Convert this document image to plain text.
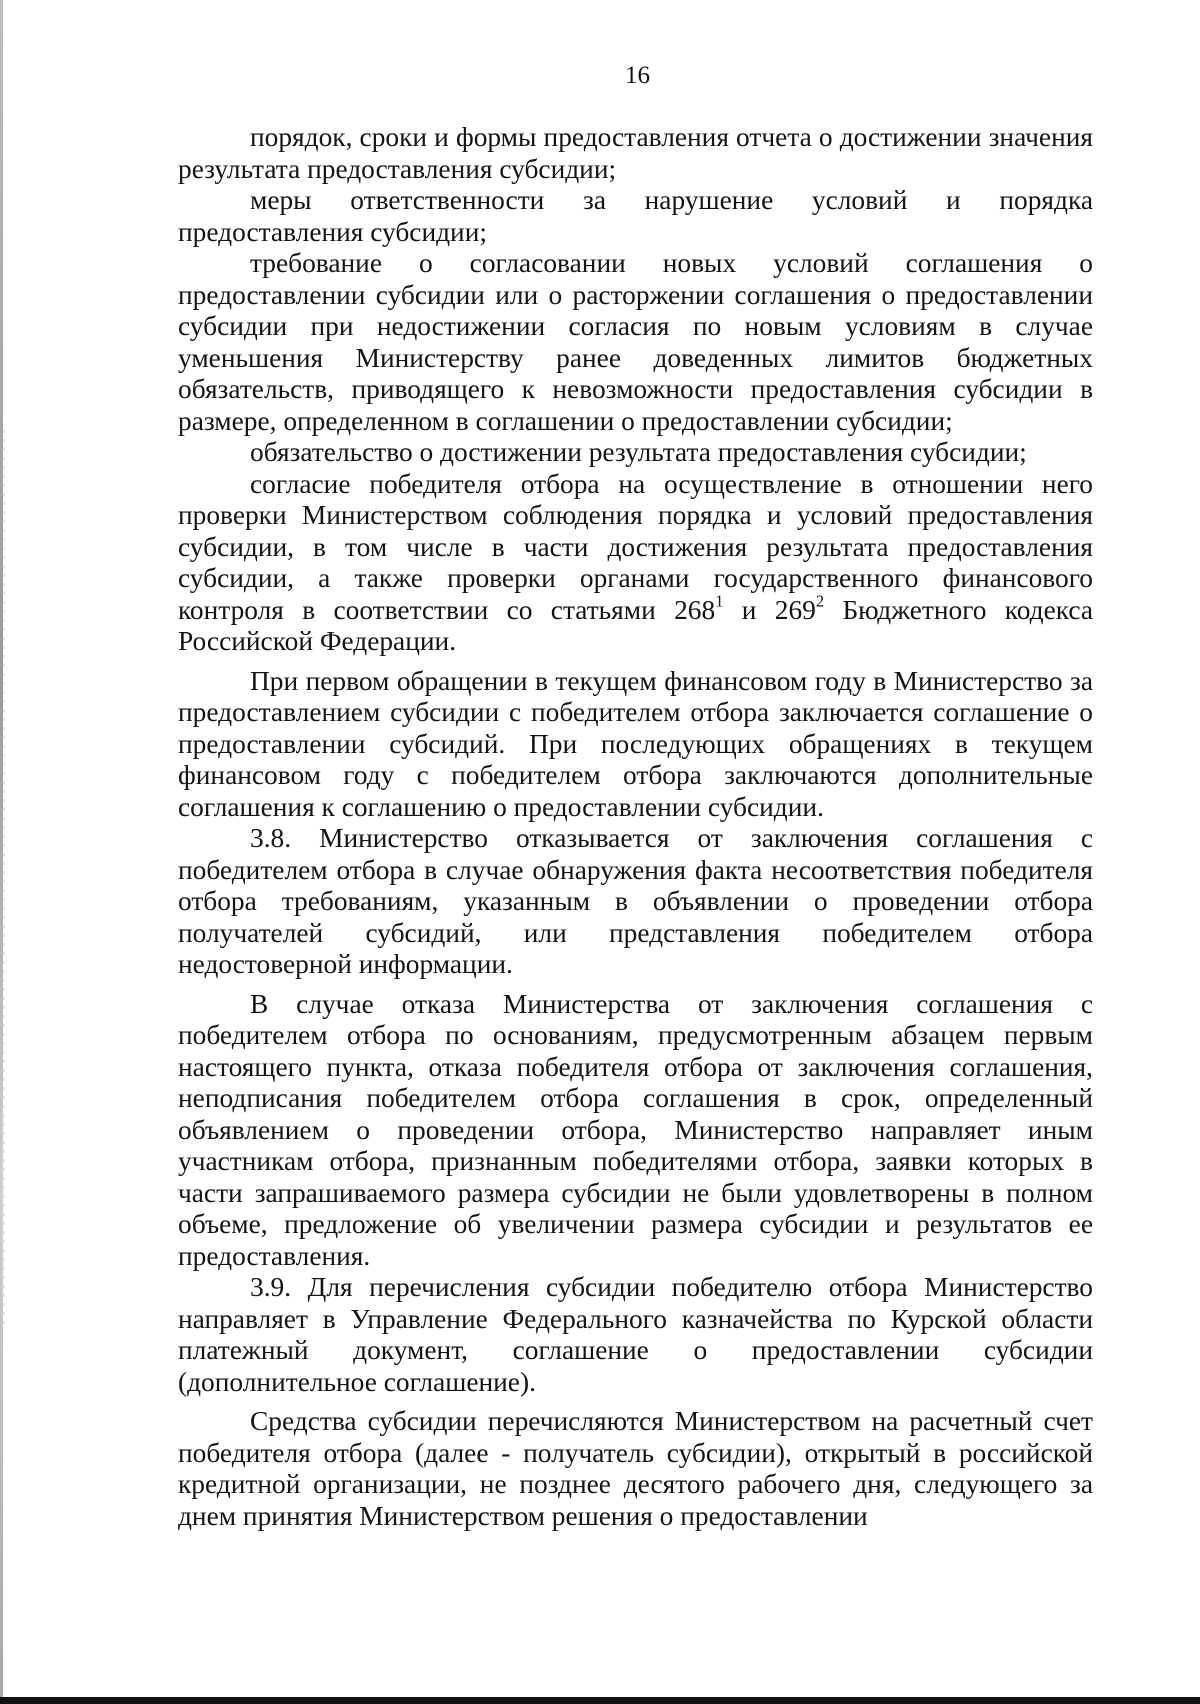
16

порядок, сроки и формы предоставления отчета о достижении значения результата предоставления субсидии;

меры ответственности за нарушение условий и порядка предоставления субсидии;

требование о согласовании новых условий соглашения о предоставлении субсидии или о расторжении соглашения о предоставлении субсидии при недостижении согласия по новым условиям в случае уменьшения Министерству ранее доведенных лимитов бюджетных обязательств, приводящего к невозможности предоставления субсидии в размере, определенном в соглашении о предоставлении субсидии;

обязательство о достижении результата предоставления субсидии;

согласие победителя отбора на осуществление в отношении него проверки Министерством соблюдения порядка и условий предоставления субсидии, в том числе в части достижения результата предоставления субсидии, а также проверки органами государственного финансового контроля в соответствии со статьями $268^1$ и $269^2$ Бюджетного кодекса Российской Федерации.

При первом обращении в текущем финансовом году в Министерство за предоставлением субсидии с победителем отбора заключается соглашение о предоставлении субсидий. При последующих обращениях в текущем финансовом году с победителем отбора заключаются дополнительные соглашения к соглашению о предоставлении субсидии.

3.8. Министерство отказывается от заключения соглашения с победителем отбора в случае обнаружения факта несоответствия победителя отбора требованиям, указанным в объявлении о проведении отбора получателей субсидий, или представления победителем отбора недостоверной информации.

В случае отказа Министерства от заключения соглашения с победителем отбора по основаниям, предусмотренным абзацем первым настоящего пункта, отказа победителя отбора от заключения соглашения, неподписания победителем отбора соглашения в срок, определенный объявлением о проведении отбора, Министерство направляет иным участникам отбора, признанным победителями отбора, заявки которых в части запрашиваемого размера субсидии не были удовлетворены в полном объеме, предложение об увеличении размера субсидии и результатов ее предоставления.

3.9. Для перечисления субсидии победителю отбора Министерство направляет в Управление Федерального казначейства по Курской области платежный документ, соглашение о предоставлении субсидии (дополнительное соглашение).

Средства субсидии перечисляются Министерством на расчетный счет победителя отбора (далее - получатель субсидии), открытый в российской кредитной организации, не позднее десятого рабочего дня, следующего за днем принятия Министерством решения о предоставлении
